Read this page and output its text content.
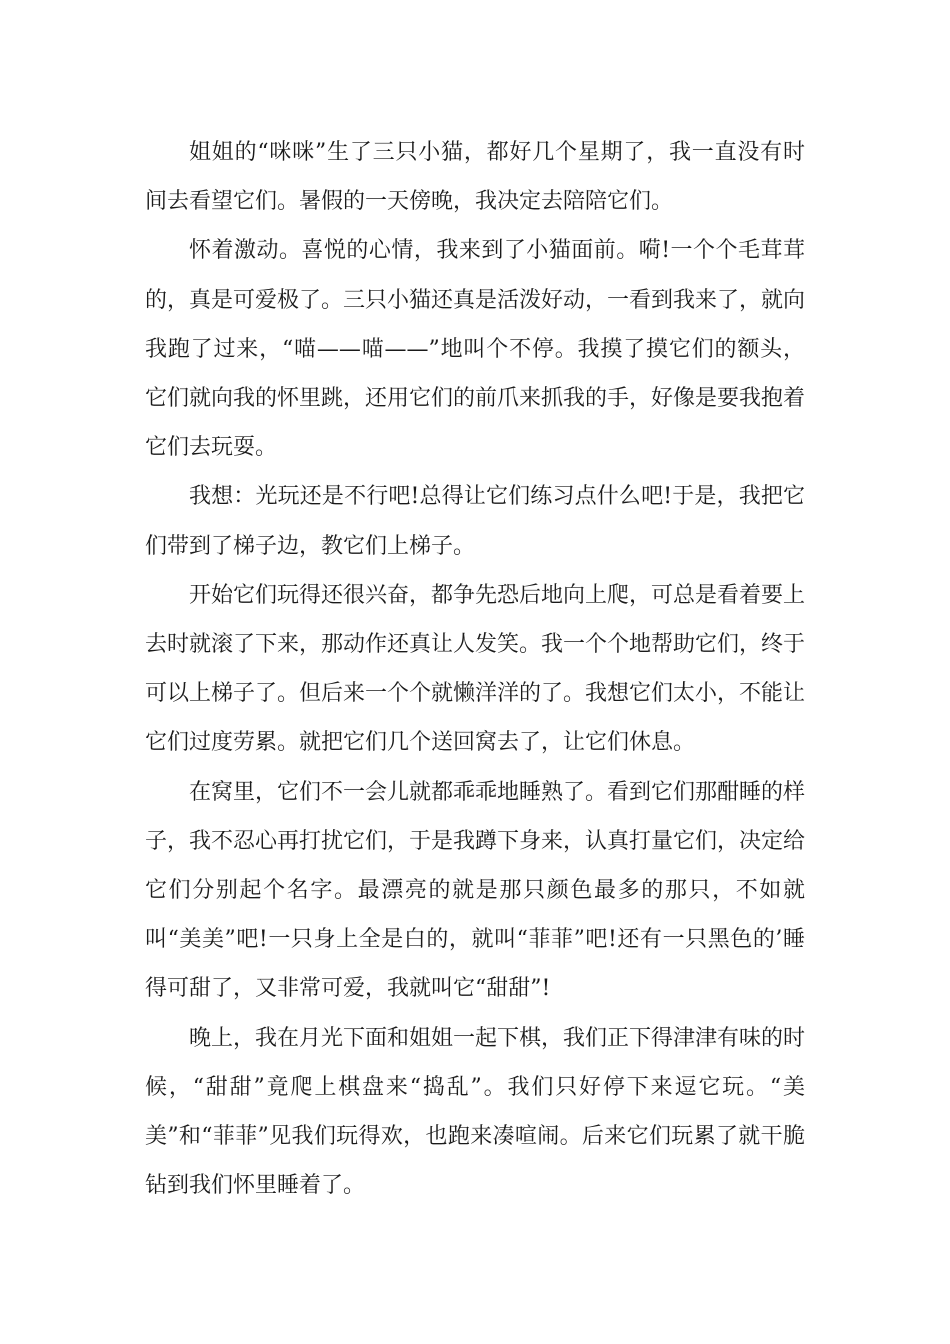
姐姐的“咪咪”生了三只小猫，都好几个星期了，我一直没有时间去看望它们。暑假的一天傍晚，我决定去陪陪它们。

怀着激动。喜悦的心情，我来到了小猫面前。嗬!一个个毛茸茸的，真是可爱极了。三只小猫还真是活泼好动，一看到我来了，就向我跑了过来，“喵——喵——”地叫个不停。我摸了摸它们的额头，它们就向我的怀里跳，还用它们的前爪来抓我的手，好像是要我抱着它们去玩耍。

我想：光玩还是不行吧!总得让它们练习点什么吧!于是，我把它们带到了梯子边，教它们上梯子。

开始它们玩得还很兴奋，都争先恐后地向上爬，可总是看着要上去时就滚了下来，那动作还真让人发笑。我一个个地帮助它们，终于可以上梯子了。但后来一个个就懒洋洋的了。我想它们太小，不能让它们过度劳累。就把它们几个送回窝去了，让它们休息。

在窝里，它们不一会儿就都乖乖地睡熟了。看到它们那酣睡的样子，我不忍心再打扰它们，于是我蹲下身来，认真打量它们，决定给它们分别起个名字。最漂亮的就是那只颜色最多的那只，不如就叫“美美”吧!一只身上全是白的，就叫“菲菲”吧!还有一只黑色的’睡得可甜了，又非常可爱，我就叫它“甜甜”!

晚上，我在月光下面和姐姐一起下棋，我们正下得津津有味的时候，“甜甜”竟爬上棋盘来“捣乱”。我们只好停下来逗它玩。“美美”和“菲菲”见我们玩得欢，也跑来凑喧闹。后来它们玩累了就干脆钻到我们怀里睡着了。
